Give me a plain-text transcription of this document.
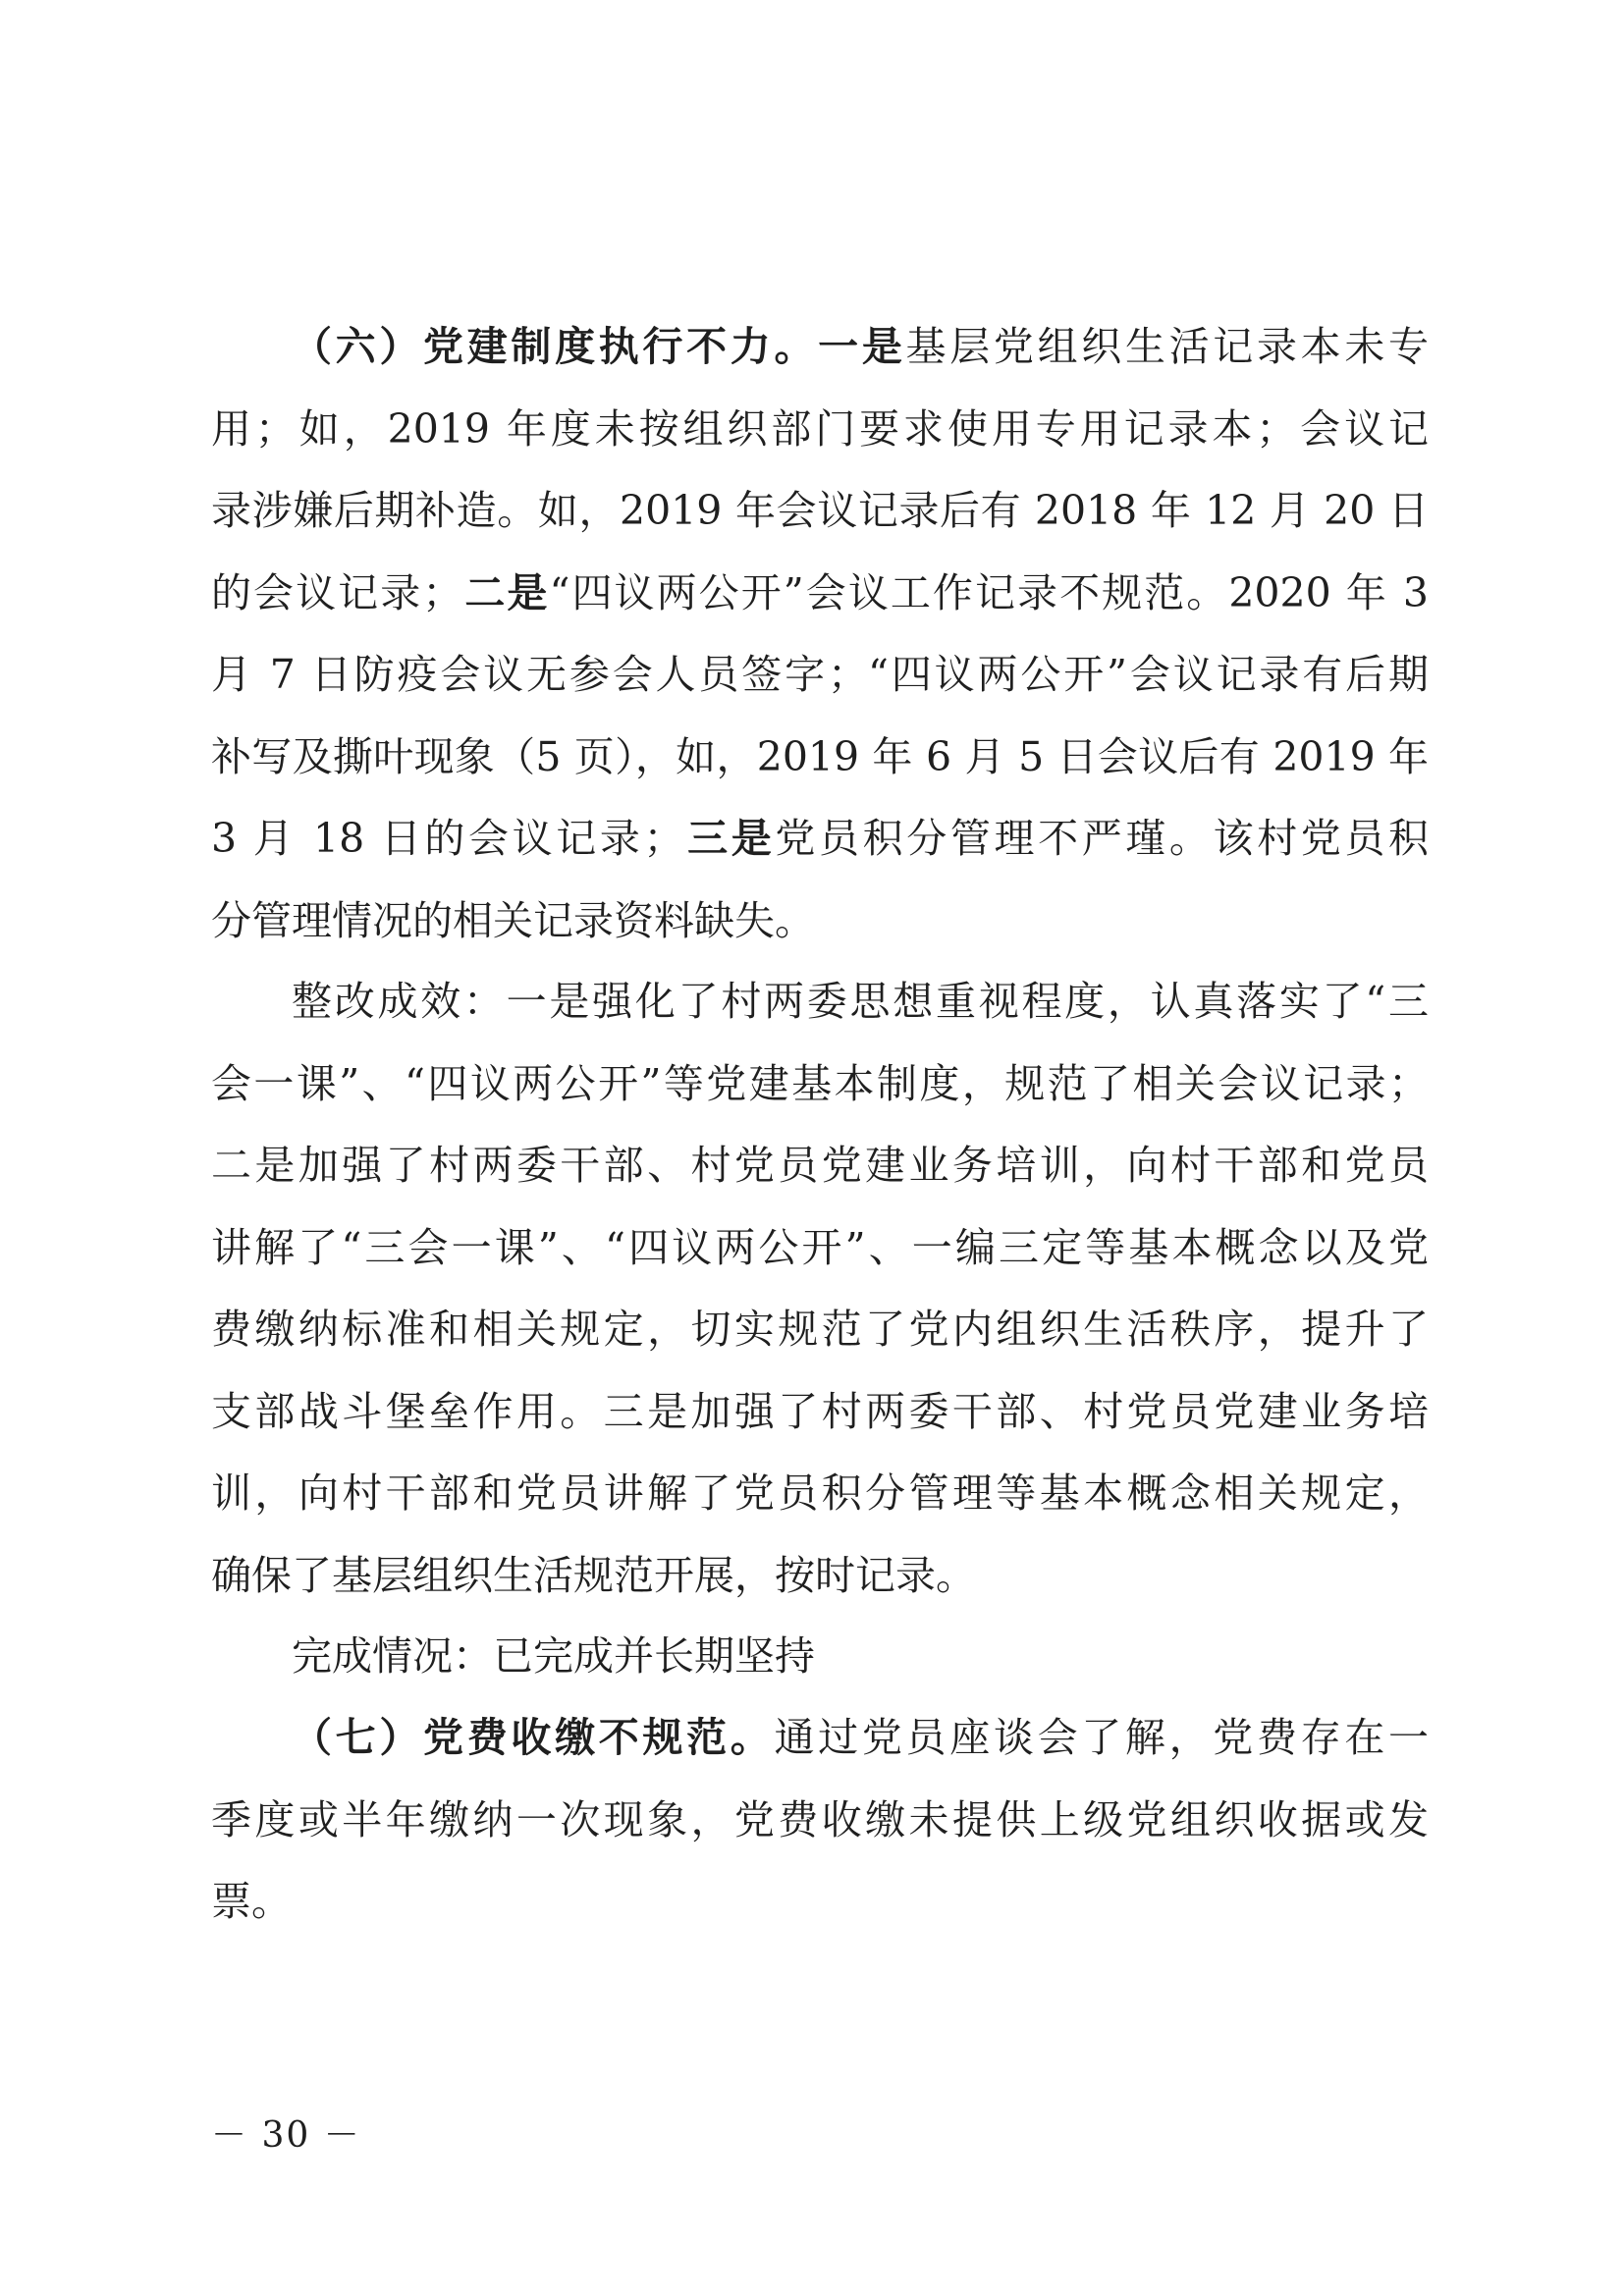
（六）党建制度执行不力。一是基层党组织生活记录本未专
用；如，2019 年度未按组织部门要求使用专用记录本；会议记
录涉嫌后期补造。如，2019 年会议记录后有 2018 年 12 月 20 日
的会议记录；二是“四议两公开”会议工作记录不规范。2020 年 3
月 7 日防疫会议无参会人员签字；“四议两公开”会议记录有后期
补写及撕叶现象（5 页），如，2019 年 6 月 5 日会议后有 2019 年
3 月 18 日的会议记录；三是党员积分管理不严瑾。该村党员积
分管理情况的相关记录资料缺失。
整改成效：一是强化了村两委思想重视程度，认真落实了“三
会一课”、“四议两公开”等党建基本制度，规范了相关会议记录；
二是加强了村两委干部、村党员党建业务培训，向村干部和党员
讲解了“三会一课”、“四议两公开”、一编三定等基本概念以及党
费缴纳标准和相关规定，切实规范了党内组织生活秩序，提升了
支部战斗堡垒作用。三是加强了村两委干部、村党员党建业务培
训，向村干部和党员讲解了党员积分管理等基本概念相关规定，
确保了基层组织生活规范开展，按时记录。
完成情况：已完成并长期坚持
（七）党费收缴不规范。通过党员座谈会了解，党费存在一
季度或半年缴纳一次现象，党费收缴未提供上级党组织收据或发
票。
－ 30 －
